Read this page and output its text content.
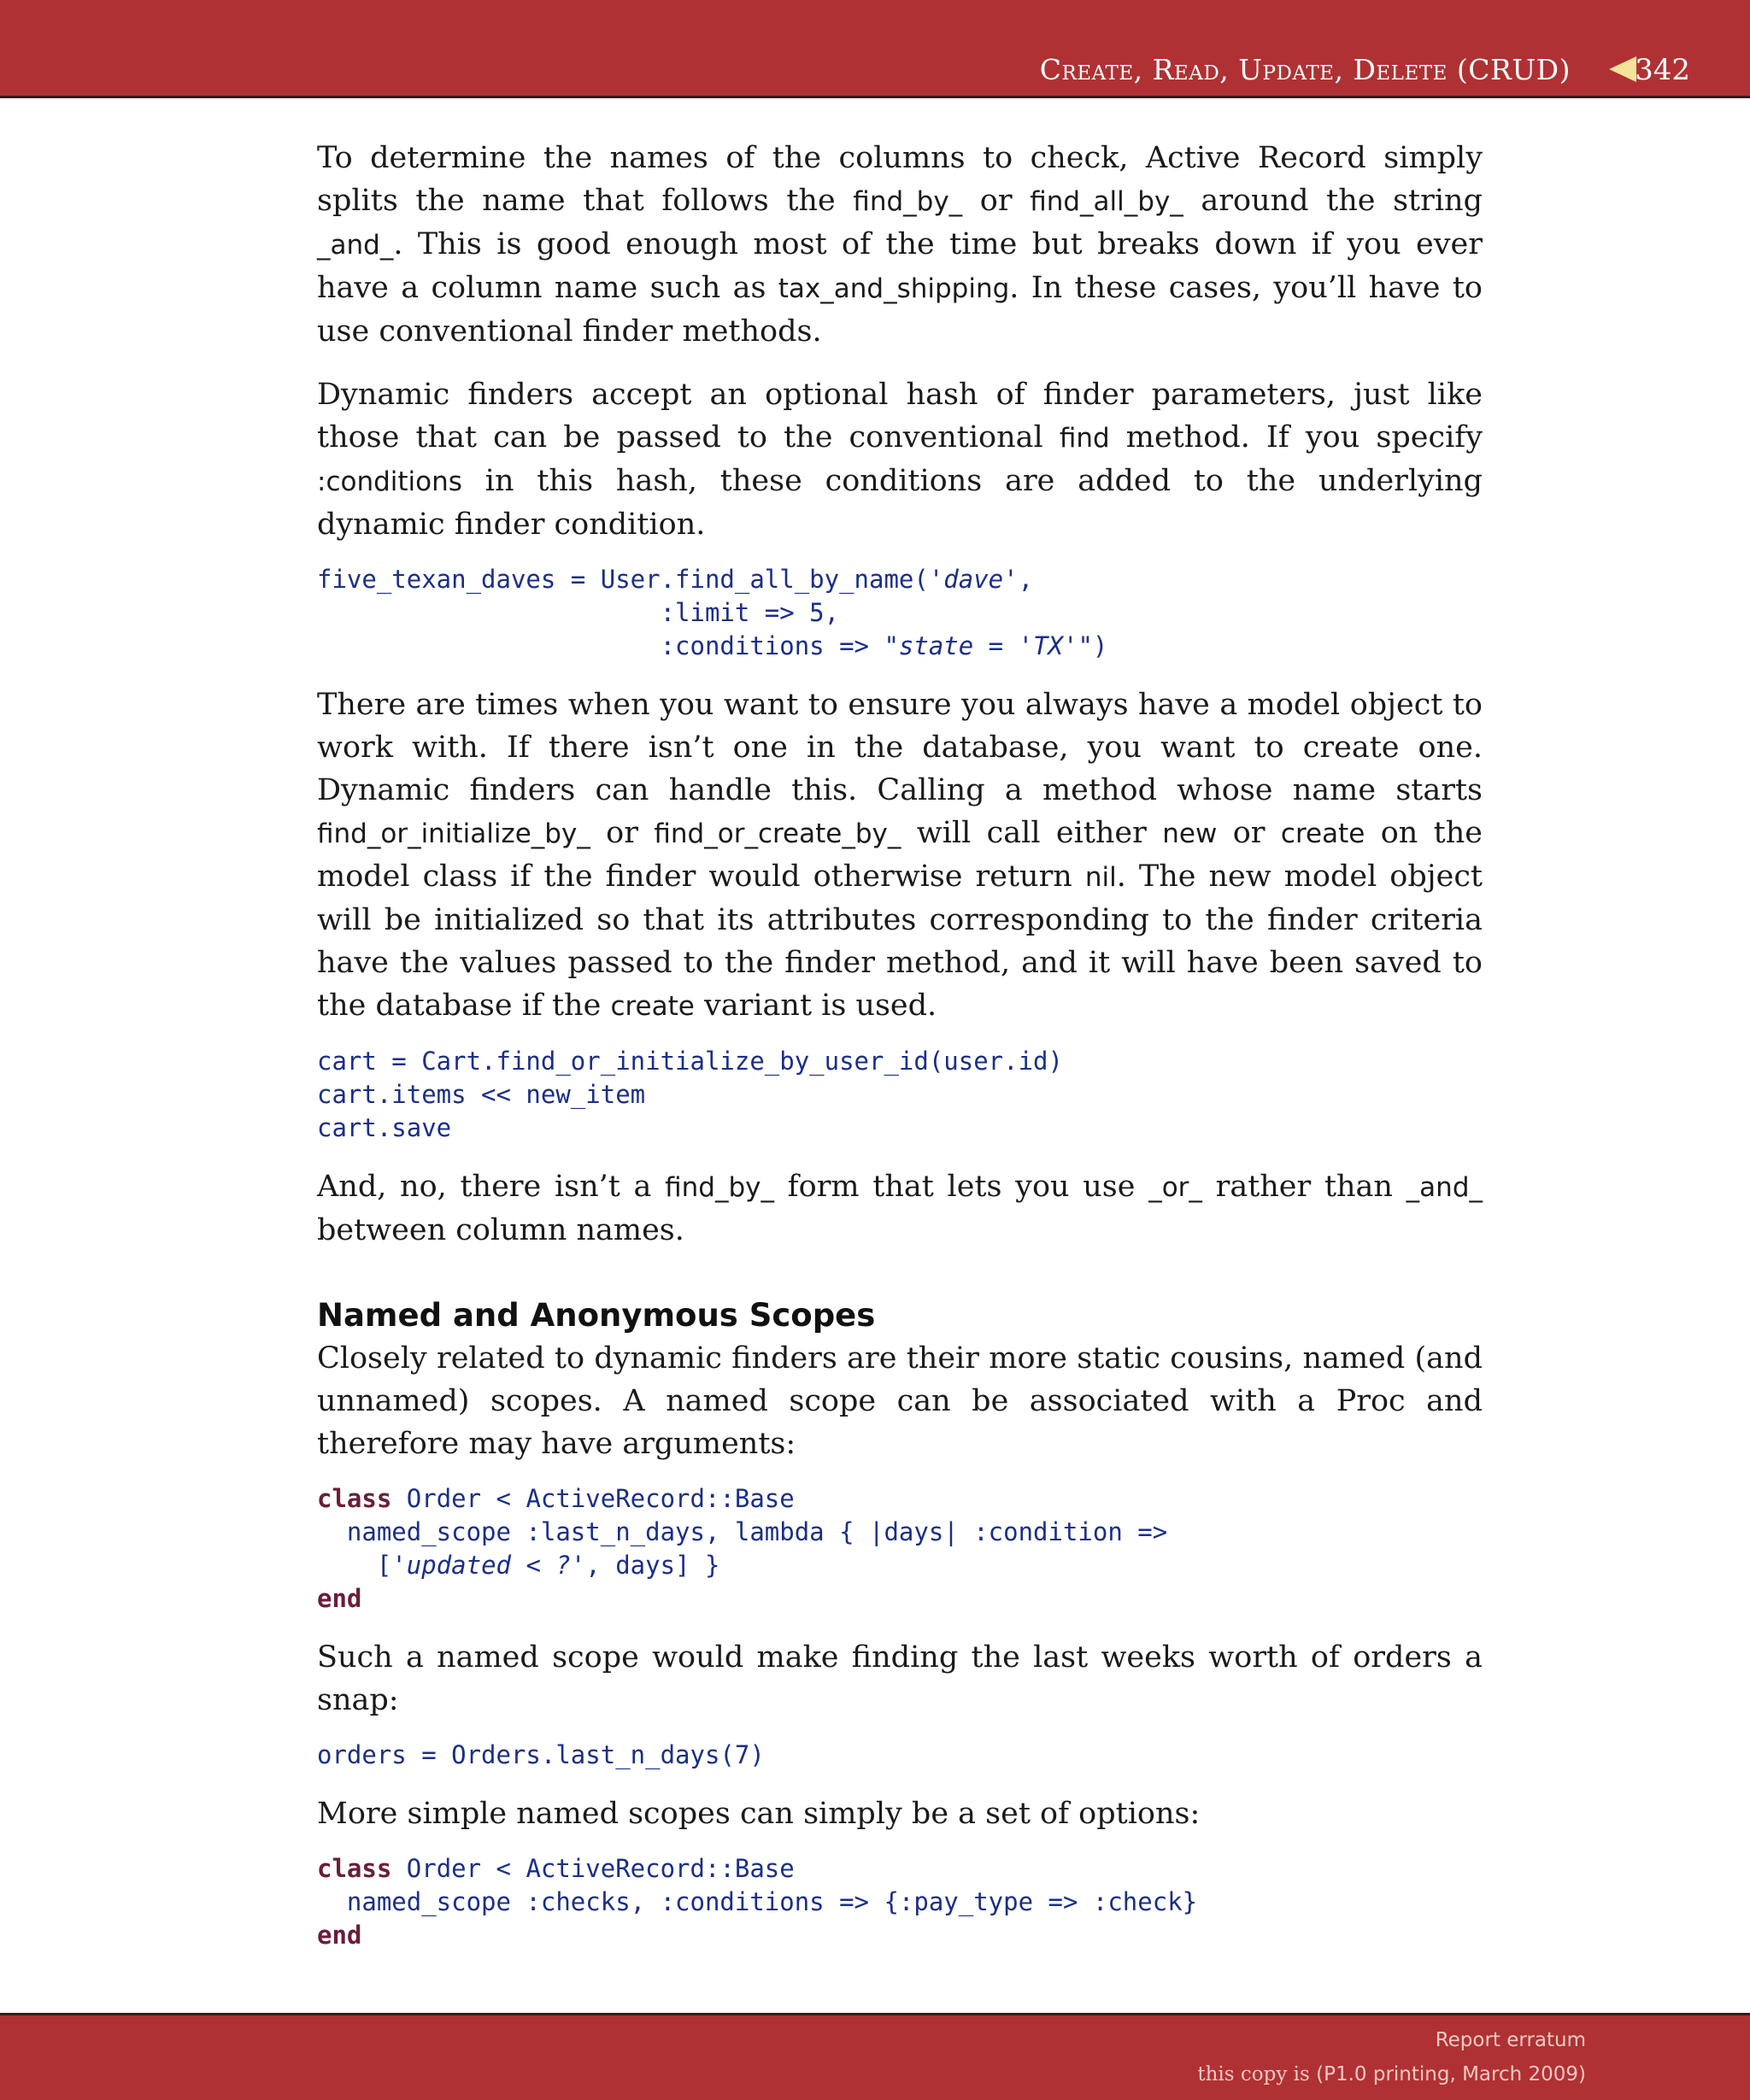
Create, Read, Update, Delete (CRUD) 342

To determine the names of the columns to check, Active Record simply splits the name that follows the find_by_ or find_all_by_ around the string _and_. This is good enough most of the time but breaks down if you ever have a column name such as tax_and_shipping. In these cases, you’ll have to use conventional finder methods.

Dynamic finders accept an optional hash of finder parameters, just like those that can be passed to the conventional find method. If you specify :conditions in this hash, these conditions are added to the underlying dynamic finder condition.

five_texan_daves = User.find_all_by_name('dave',
:limit => 5,
:conditions => "state = 'TX'")

There are times when you want to ensure you always have a model object to work with. If there isn’t one in the database, you want to create one. Dynamic finders can handle this. Calling a method whose name starts find_or_initialize_by_ or find_or_create_by_ will call either new or create on the model class if the finder would otherwise return nil. The new model object will be initialized so that its attributes corresponding to the finder criteria have the values passed to the finder method, and it will have been saved to the database if the create variant is used.

cart = Cart.find_or_initialize_by_user_id(user.id)
cart.items << new_item
cart.save

And, no, there isn’t a find_by_ form that lets you use _or_ rather than _and_ between column names.

Named and Anonymous Scopes

Closely related to dynamic finders are their more static cousins, named (and unnamed) scopes. A named scope can be associated with a Proc and therefore may have arguments:

class Order < ActiveRecord::Base
named_scope :last_n_days, lambda { |days| :condition =>
['updated < ?', days] }
end

Such a named scope would make finding the last weeks worth of orders a snap:

orders = Orders.last_n_days(7)

More simple named scopes can simply be a set of options:

class Order < ActiveRecord::Base
named_scope :checks, :conditions => {:pay_type => :check}
end
Report erratum
this copy is (P1.0 printing, March 2009)
